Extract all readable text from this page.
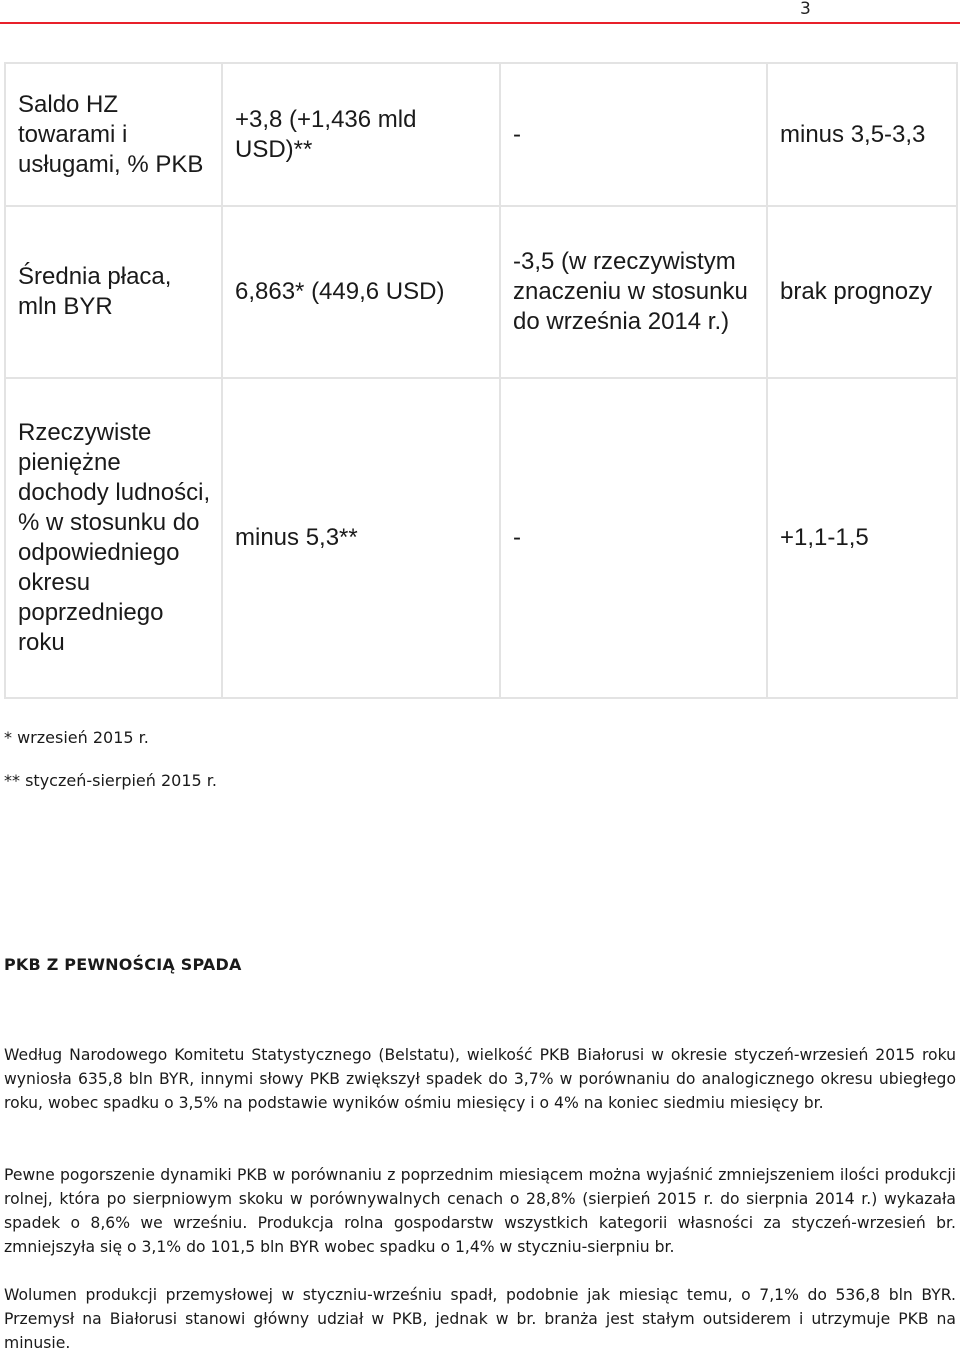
3
Saldo HZ towarami i usługami, % PKB	+3,8 (+1,436 mld USD)**	-	minus 3,5-3,3
Średnia płaca, mln BYR	6,863* (449,6 USD)	-3,5 (w rzeczywistym znaczeniu w stosunku do września 2014 r.)	brak prognozy
Rzeczywiste pieniężne dochody ludności, % w stosunku do odpowiedniego okresu poprzedniego roku	minus 5,3**	-	+1,1-1,5
* wrzesień 2015 r.
** styczeń-sierpień 2015 r.
PKB Z PEWNOŚCIĄ SPADA

Według Narodowego Komitetu Statystycznego (Belstatu), wielkość PKB Białorusi w okresie styczeń-wrzesień 2015 roku wyniosła 635,8 bln BYR, innymi słowy PKB zwiększył spadek do 3,7% w porównaniu do analogicznego okresu ubiegłego roku, wobec spadku o 3,5% na podstawie wyników ośmiu miesięcy i o 4% na koniec siedmiu miesięcy br.

Pewne pogorszenie dynamiki PKB w porównaniu z poprzednim miesiącem można wyjaśnić zmniejszeniem ilości produkcji rolnej, która po sierpniowym skoku w porównywalnych cenach o 28,8% (sierpień 2015 r. do sierpnia 2014 r.) wykazała spadek o 8,6% we wrześniu. Produkcja rolna gospodarstw wszystkich kategorii własności za styczeń-wrzesień br. zmniejszyła się o 3,1% do 101,5 bln BYR wobec spadku o 1,4% w styczniu-sierpniu br.

Wolumen produkcji przemysłowej w styczniu-wrześniu spadł, podobnie jak miesiąc temu, o 7,1% do 536,8 bln BYR. Przemysł na Białorusi stanowi główny udział w PKB, jednak w br. branża jest stałym outsiderem i utrzymuje PKB na minusie.
